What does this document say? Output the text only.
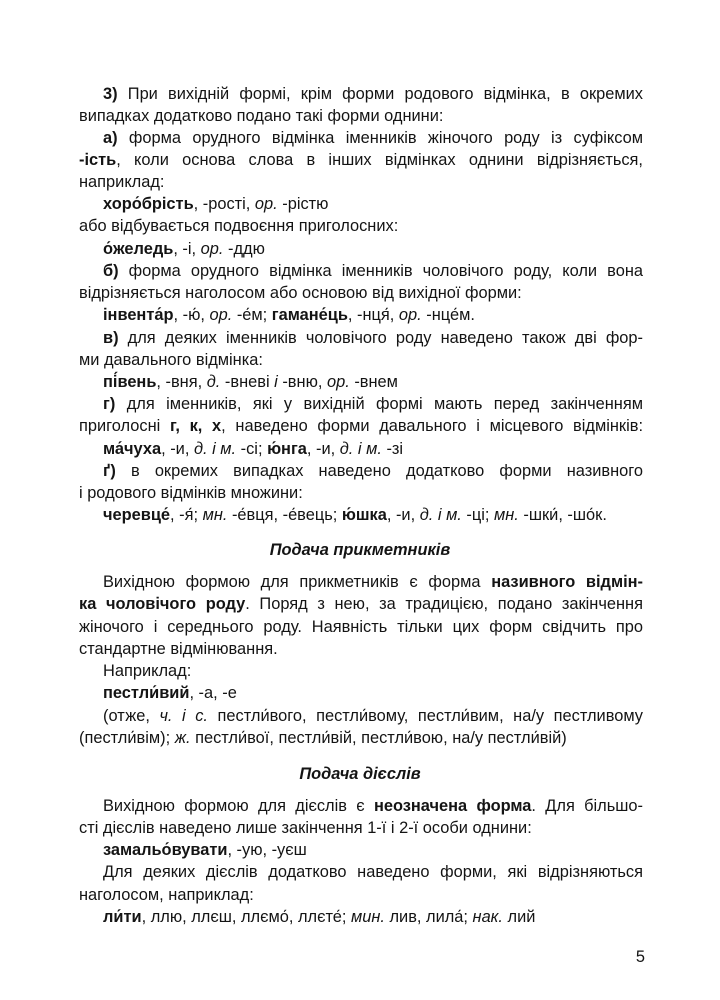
3) При вихідній формі, крім форми родового відмінка, в окремих
випадках додатково подано такі форми однини:
а) форма орудного відмінка іменників жіночого роду із суфіксом
-ість, коли основа слова в інших відмінках однини відрізняється,
наприклад:
хоро́брість, -рості, ор. -рістю
або відбувається подвоєння приголосних:
о́желедь, -і, ор. -ддю
б) форма орудного відмінка іменників чоловічого роду, коли вона
відрізняється наголосом або основою від вихідної форми:
інвента́р, -ю́, ор. -е́м; гамане́ць, -нця́, ор. -нце́м.
в) для деяких іменників чоловічого роду наведено також дві фор-
ми давального відмінка:
пі́вень, -вня, д. -вневі і -вню, ор. -внем
г) для іменників, які у вихідній формі мають перед закінченням
приголосні г, к, х, наведено форми давального і місцевого відмінків:
ма́чуха, -и, д. і м. -сі; ю́нга, -и, д. і м. -зі
ґ) в окремих випадках наведено додатково форми називного
і родового відмінків множини:
черевце́, -я́; мн. -е́вця, -е́вець; ю́шка, -и, д. і м. -ці; мн. -шки́, -шо́к.
Подача прикметників
Вихідною формою для прикметників є форма називного відмін-
ка чоловічого роду. Поряд з нею, за традицією, подано закінчення
жіночого і середнього роду. Наявність тільки цих форм свідчить про
стандартне відмінювання.
Наприклад:
пестли́вий, -а, -е
(отже, ч. і с. пестли́вого, пестли́вому, пестли́вим, на/у пестливому
(пестли́вім); ж. пестли́вої, пестли́вій, пестли́вою, на/у пестли́вій)
Подача дієслів
Вихідною формою для дієслів є неозначена форма. Для більшо-
сті дієслів наведено лише закінчення 1-ї і 2-ї особи однини:
замальо́вувати, -ую, -уєш
Для деяких дієслів додатково наведено форми, які відрізняються
наголосом, наприклад:
ли́ти, ллю, ллєш, ллємо́, ллєте́; мин. лив, лила́; нак. лий
5
